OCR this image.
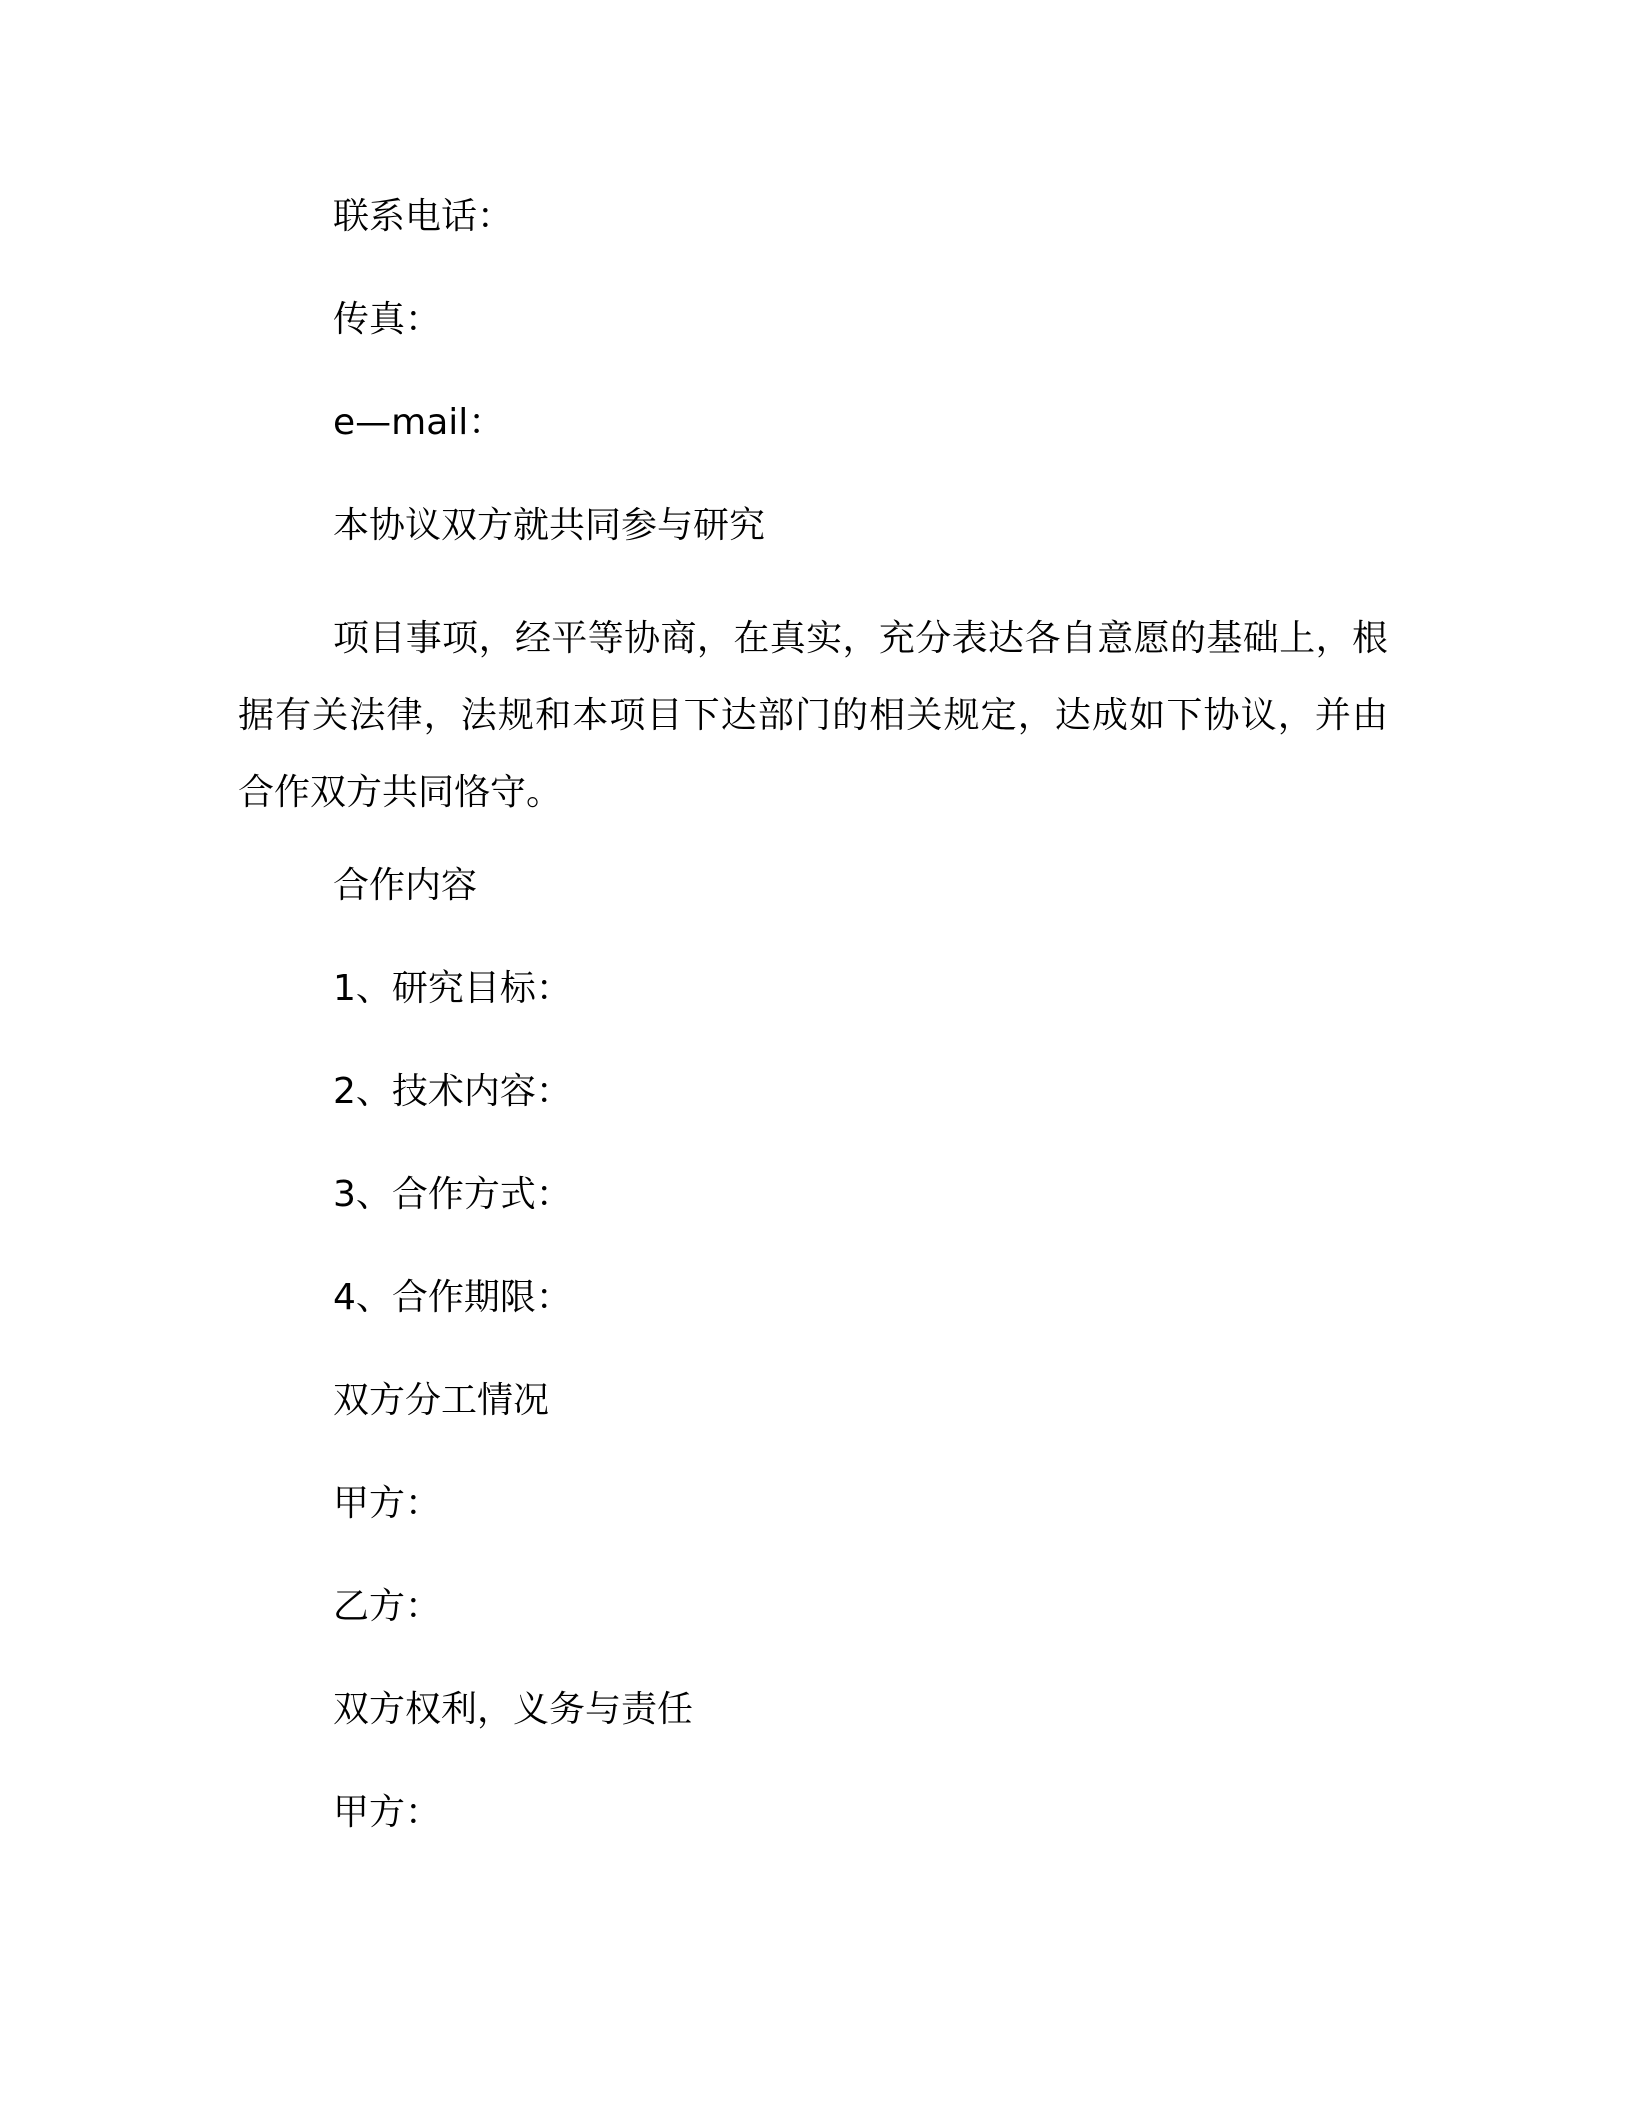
联系电话：
传真：
e—mail：
本协议双方就共同参与研究
项目事项，经平等协商，在真实，充分表达各自意愿的基础上，根据有关法律，法规和本项目下达部门的相关规定，达成如下协议，并由合作双方共同恪守。
合作内容
1、研究目标：
2、技术内容：
3、合作方式：
4、合作期限：
双方分工情况
甲方：
乙方：
双方权利，义务与责任
甲方：
